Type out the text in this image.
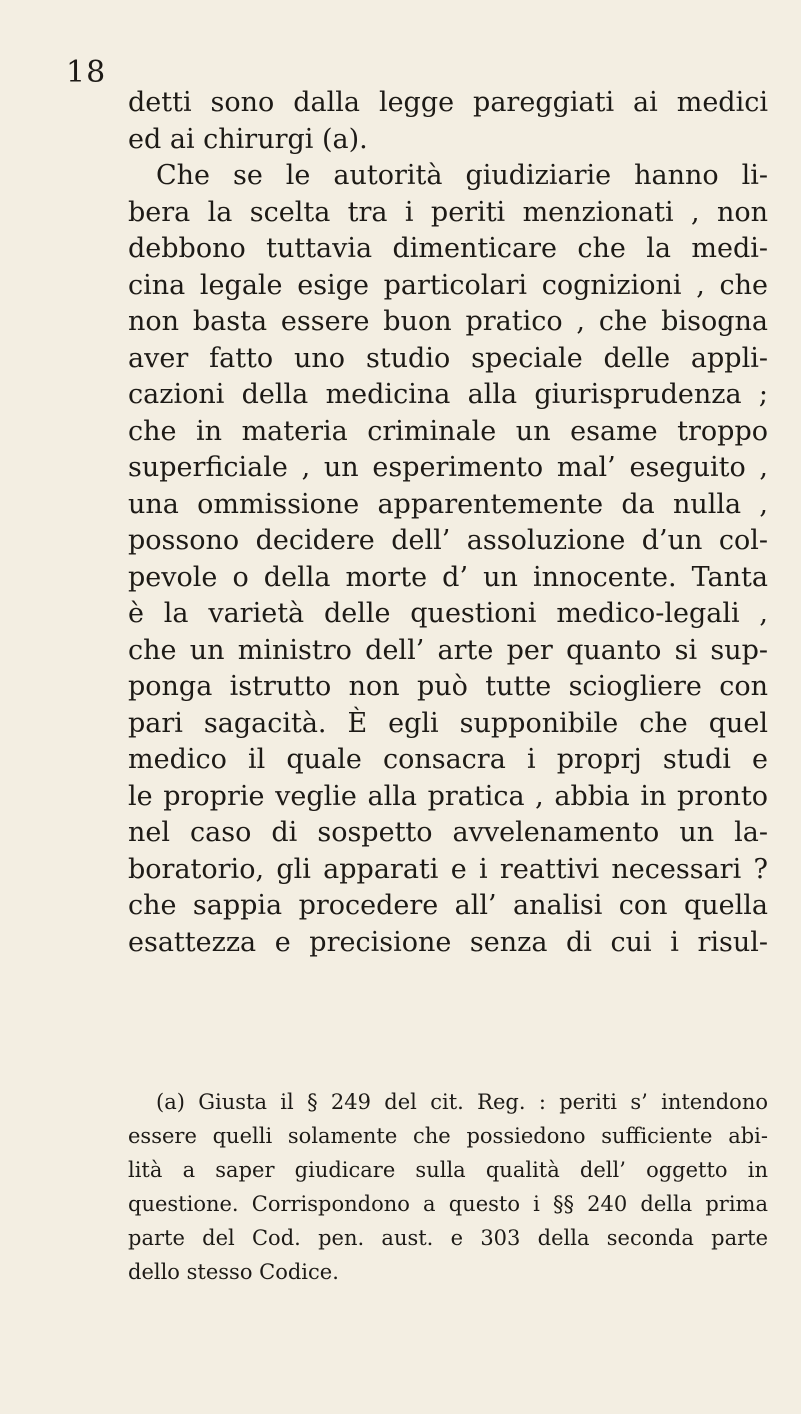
18
detti sono dalla legge pareggiati ai medici
ed ai chirurgi (a).
Che se le autorità giudiziarie hanno li-
bera la scelta tra i periti menzionati , non
debbono tuttavia dimenticare che la medi-
cina legale esige particolari cognizioni , che
non basta essere buon pratico , che bisogna
aver fatto uno studio speciale delle appli-
cazioni della medicina alla giurisprudenza ;
che in materia criminale un esame troppo
superficiale , un esperimento mal’ eseguito ,
una ommissione apparentemente da nulla ,
possono decidere dell’ assoluzione d’un col-
pevole o della morte d’ un innocente. Tanta
è la varietà delle questioni medico-legali ,
che un ministro dell’ arte per quanto si sup-
ponga istrutto non può tutte sciogliere con
pari sagacità. È egli supponibile che quel
medico il quale consacra i proprj studi e
le proprie veglie alla pratica , abbia in pronto
nel caso di sospetto avvelenamento un la-
boratorio, gli apparati e i reattivi necessari ?
che sappia procedere all’ analisi con quella
esattezza e precisione senza di cui i risul-
(a) Giusta il § 249 del cit. Reg. : periti s’ intendono
essere quelli solamente che possiedono sufficiente abi-
lità a saper giudicare sulla qualità dell’ oggetto in
questione. Corrispondono a questo i §§ 240 della prima
parte del Cod. pen. aust. e 303 della seconda parte
dello stesso Codice.
